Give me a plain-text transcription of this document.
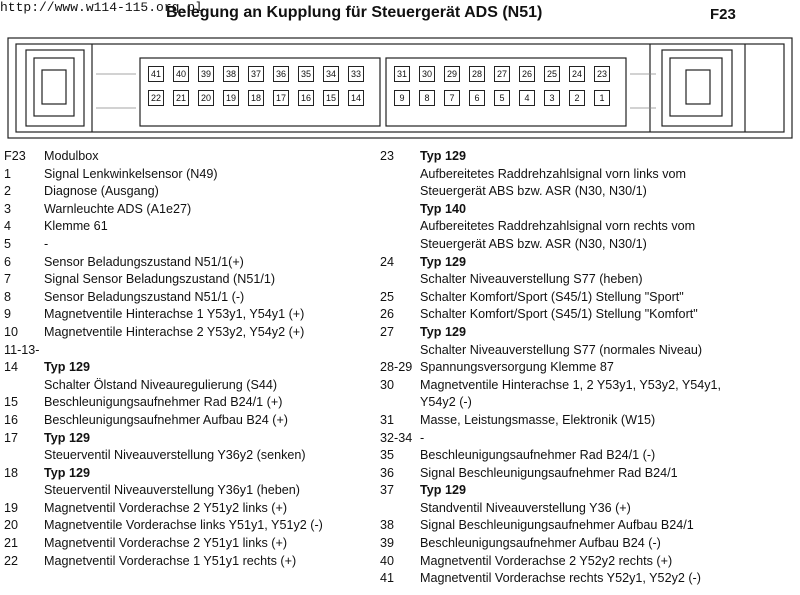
http://www.w114-115.org.pl
Belegung an Kupplung für Steuergerät ADS (N51)	F23
41	40	39	38	37	36	35	34	33	31	30	29	28	27	26	25	24	23
22	21	20	19	18	17	16	15	14	9	8	7	6	5	4	3	2	1
F23 Modulbox
1	Signal Lenkwinkelsensor (N49)
2	Diagnose (Ausgang)
3	Warnleuchte ADS (A1e27)
4	Klemme 61
5	-
6	Sensor Beladungszustand N51/1(+)
7	Signal Sensor Beladungszustand (N51/1)
8	Sensor Beladungszustand N51/1 (-)
9	Magnetventile Hinterachse 1 Y53y1, Y54y1 (+)
10 Magnetventile Hinterachse 2 Y53y2, Y54y2 (+)
11-13-
14 Typ 129
Schalter Ölstand Niveauregulierung (S44)
15 Beschleunigungsaufnehmer Rad B24/1 (+)
16 Beschleunigungsaufnehmer Aufbau B24 (+)
17 Typ 129
Steuerventil Niveauverstellung Y36y2 (senken)
18 Typ 129
Steuerventil Niveauverstellung Y36y1 (heben)
19 Magnetventil Vorderachse 2 Y51y2 links (+)
20 Magnetventile Vorderachse links Y51y1, Y51y2 (-)
21 Magnetventil Vorderachse 2 Y51y1 links (+)
22 Magnetventil Vorderachse 1 Y51y1 rechts (+)
23 Typ 129
Aufbereitetes Raddrehzahlsignal vorn links vom
Steuergerät ABS bzw. ASR (N30, N30/1)
Typ 140
Aufbereitetes Raddrehzahlsignal vorn rechts vom
Steuergerät ABS bzw. ASR (N30, N30/1)
24 Typ 129
Schalter Niveauverstellung S77 (heben)
25 Schalter Komfort/Sport (S45/1) Stellung "Sport"
26 Schalter Komfort/Sport (S45/1) Stellung "Komfort"
27 Typ 129
Schalter Niveauverstellung S77 (normales Niveau)
28-29 Spannungsversorgung Klemme 87
30 Magnetventile Hinterachse 1, 2 Y53y1, Y53y2, Y54y1,
Y54y2 (-)
31 Masse, Leistungsmasse, Elektronik (W15)
32-34 -
35 Beschleunigungsaufnehmer Rad B24/1 (-)
36 Signal Beschleunigungsaufnehmer Rad B24/1
37 Typ 129
Standventil Niveauverstellung Y36 (+)
38 Signal Beschleunigungsaufnehmer Aufbau B24/1
39 Beschleunigungsaufnehmer Aufbau B24 (-)
40 Magnetventil Vorderachse 2 Y52y2 rechts (+)
41 Magnetventil Vorderachse rechts Y52y1, Y52y2 (-)
